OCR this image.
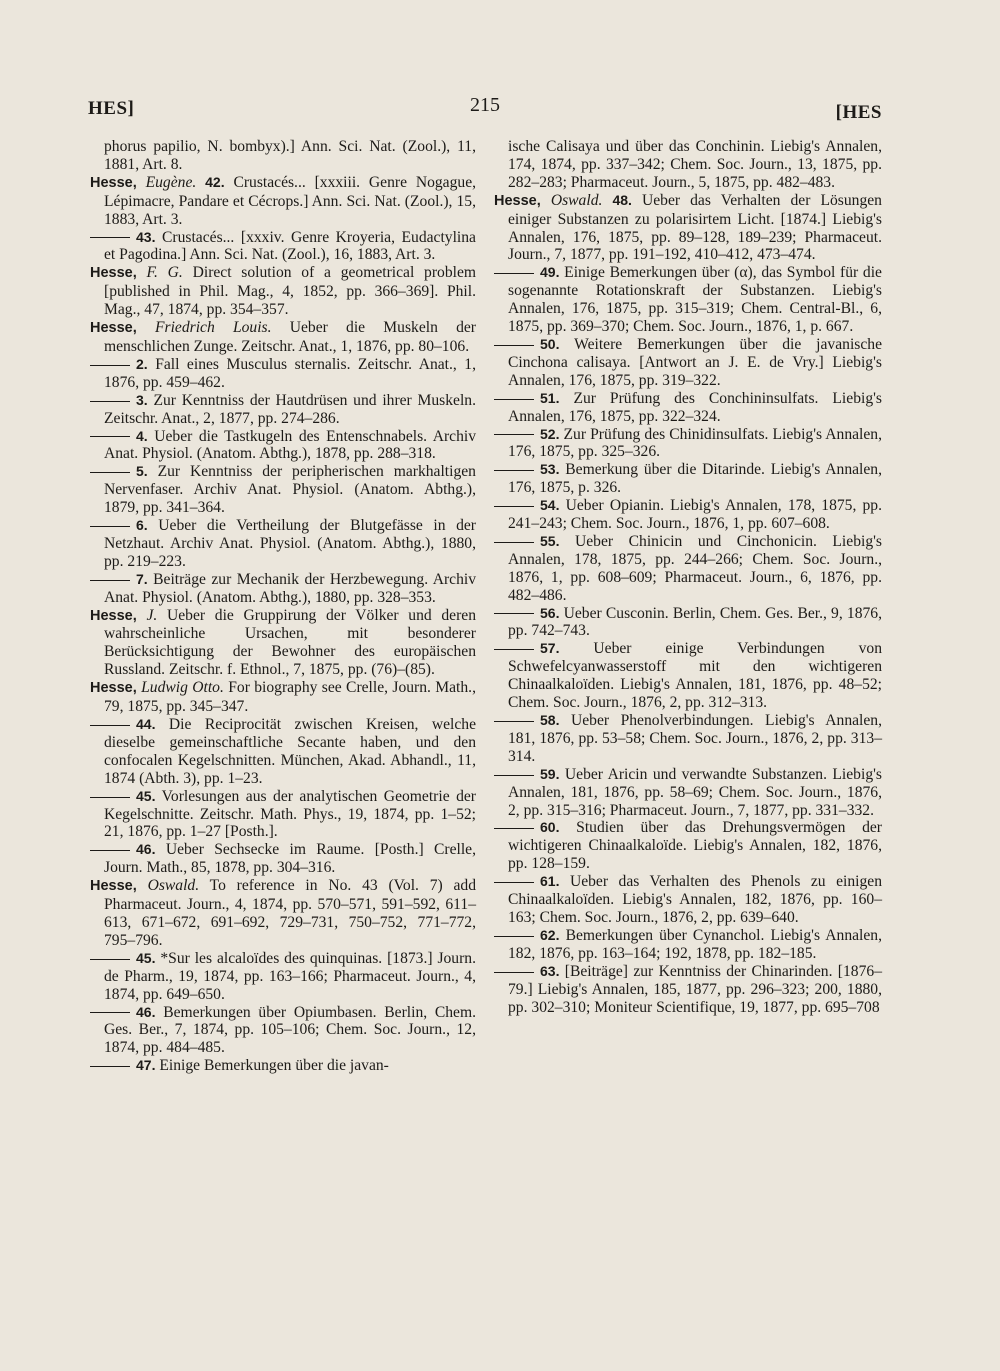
HES]	215	[HES
phorus papilio, N. bombyx).] Ann. Sci. Nat. (Zool.), 11, 1881, Art. 8.
Hesse, Eugène. 42. Crustacés... [xxxiii. Genre Nogague, Lépimacre, Pandare et Cécrops.] Ann. Sci. Nat. (Zool.), 15, 1883, Art. 3.
43. Crustacés... [xxxiv. Genre Kroyeria, Eudactylina et Pagodina.] Ann. Sci. Nat. (Zool.), 16, 1883, Art. 3.
Hesse, F. G. Direct solution of a geometrical problem [published in Phil. Mag., 4, 1852, pp. 366–369]. Phil. Mag., 47, 1874, pp. 354–357.
Hesse, Friedrich Louis. Ueber die Muskeln der menschlichen Zunge. Zeitschr. Anat., 1, 1876, pp. 80–106.
2. Fall eines Musculus sternalis. Zeitschr. Anat., 1, 1876, pp. 459–462.
3. Zur Kenntniss der Hautdrüsen und ihrer Muskeln. Zeitschr. Anat., 2, 1877, pp. 274–286.
4. Ueber die Tastkugeln des Entenschnabels. Archiv Anat. Physiol. (Anatom. Abthg.), 1878, pp. 288–318.
5. Zur Kenntniss der peripherischen markhaltigen Nervenfaser. Archiv Anat. Physiol. (Anatom. Abthg.), 1879, pp. 341–364.
6. Ueber die Vertheilung der Blutgefässe in der Netzhaut. Archiv Anat. Physiol. (Anatom. Abthg.), 1880, pp. 219–223.
7. Beiträge zur Mechanik der Herzbewegung. Archiv Anat. Physiol. (Anatom. Abthg.), 1880, pp. 328–353.
Hesse, J. Ueber die Gruppirung der Völker und deren wahrscheinliche Ursachen, mit besonderer Berücksichtigung der Bewohner des europäischen Russland. Zeitschr. f. Ethnol., 7, 1875, pp. (76)–(85).
Hesse, Ludwig Otto. For biography see Crelle, Journ. Math., 79, 1875, pp. 345–347.
44. Die Reciprocität zwischen Kreisen, welche dieselbe gemeinschaftliche Secante haben, und den confocalen Kegelschnitten. München, Akad. Abhandl., 11, 1874 (Abth. 3), pp. 1–23.
45. Vorlesungen aus der analytischen Geometrie der Kegelschnitte. Zeitschr. Math. Phys., 19, 1874, pp. 1–52; 21, 1876, pp. 1–27 [Posth.].
46. Ueber Sechsecke im Raume. [Posth.] Crelle, Journ. Math., 85, 1878, pp. 304–316.
Hesse, Oswald. To reference in No. 43 (Vol. 7) add Pharmaceut. Journ., 4, 1874, pp. 570–571, 591–592, 611–613, 671–672, 691–692, 729–731, 750–752, 771–772, 795–796.
45. *Sur les alcaloïdes des quinquinas. [1873.] Journ. de Pharm., 19, 1874, pp. 163–166; Pharmaceut. Journ., 4, 1874, pp. 649–650.
46. Bemerkungen über Opiumbasen. Berlin, Chem. Ges. Ber., 7, 1874, pp. 105–106; Chem. Soc. Journ., 12, 1874, pp. 484–485.
47. Einige Bemerkungen über die javan-
ische Calisaya und über das Conchinin. Liebig's Annalen, 174, 1874, pp. 337–342; Chem. Soc. Journ., 13, 1875, pp. 282–283; Pharmaceut. Journ., 5, 1875, pp. 482–483.
Hesse, Oswald. 48. Ueber das Verhalten der Lösungen einiger Substanzen zu polarisirtem Licht. [1874.] Liebig's Annalen, 176, 1875, pp. 89–128, 189–239; Pharmaceut. Journ., 7, 1877, pp. 191–192, 410–412, 473–474.
49. Einige Bemerkungen über (α), das Symbol für die sogenannte Rotationskraft der Substanzen. Liebig's Annalen, 176, 1875, pp. 315–319; Chem. Central-Bl., 6, 1875, pp. 369–370; Chem. Soc. Journ., 1876, 1, p. 667.
50. Weitere Bemerkungen über die javanische Cinchona calisaya. [Antwort an J. E. de Vry.] Liebig's Annalen, 176, 1875, pp. 319–322.
51. Zur Prüfung des Conchininsulfats. Liebig's Annalen, 176, 1875, pp. 322–324.
52. Zur Prüfung des Chinidinsulfats. Liebig's Annalen, 176, 1875, pp. 325–326.
53. Bemerkung über die Ditarinde. Liebig's Annalen, 176, 1875, p. 326.
54. Ueber Opianin. Liebig's Annalen, 178, 1875, pp. 241–243; Chem. Soc. Journ., 1876, 1, pp. 607–608.
55. Ueber Chinicin und Cinchonicin. Liebig's Annalen, 178, 1875, pp. 244–266; Chem. Soc. Journ., 1876, 1, pp. 608–609; Pharmaceut. Journ., 6, 1876, pp. 482–486.
56. Ueber Cusconin. Berlin, Chem. Ges. Ber., 9, 1876, pp. 742–743.
57. Ueber einige Verbindungen von Schwefelcyanwasserstoff mit den wichtigeren Chinaalkaloïden. Liebig's Annalen, 181, 1876, pp. 48–52; Chem. Soc. Journ., 1876, 2, pp. 312–313.
58. Ueber Phenolverbindungen. Liebig's Annalen, 181, 1876, pp. 53–58; Chem. Soc. Journ., 1876, 2, pp. 313–314.
59. Ueber Aricin und verwandte Substanzen. Liebig's Annalen, 181, 1876, pp. 58–69; Chem. Soc. Journ., 1876, 2, pp. 315–316; Pharmaceut. Journ., 7, 1877, pp. 331–332.
60. Studien über das Drehungsvermögen der wichtigeren Chinaalkaloïde. Liebig's Annalen, 182, 1876, pp. 128–159.
61. Ueber das Verhalten des Phenols zu einigen Chinaalkaloïden. Liebig's Annalen, 182, 1876, pp. 160–163; Chem. Soc. Journ., 1876, 2, pp. 639–640.
62. Bemerkungen über Cynanchol. Liebig's Annalen, 182, 1876, pp. 163–164; 192, 1878, pp. 182–185.
63. [Beiträge] zur Kenntniss der Chinarinden. [1876–79.] Liebig's Annalen, 185, 1877, pp. 296–323; 200, 1880, pp. 302–310; Moniteur Scientifique, 19, 1877, pp. 695–708
